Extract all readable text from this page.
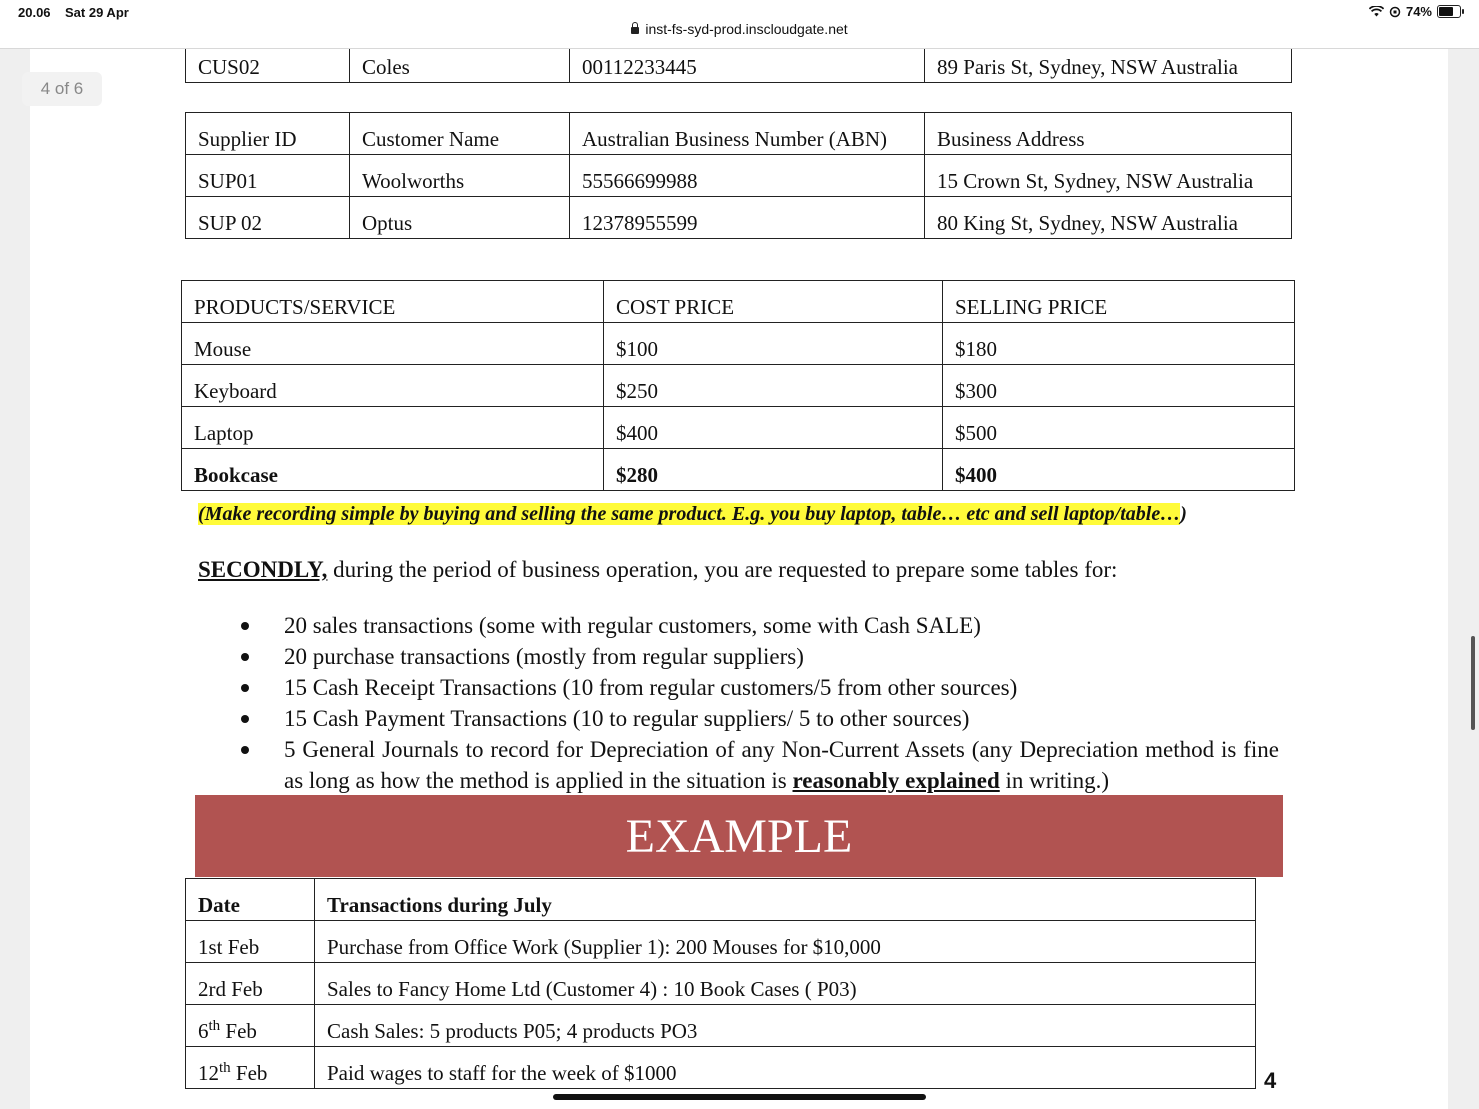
20.06 Sat 29 Apr
inst-fs-syd-prod.inscloudgate.net
74%
4 of 6
CUS02	Coles	00112233445	89 Paris St, Sydney, NSW Australia
Supplier ID	Customer Name	Australian Business Number (ABN)	Business Address
SUP01	Woolworths	55566699988	15 Crown St, Sydney, NSW Australia
SUP 02	Optus	12378955599	80 King St, Sydney, NSW Australia
PRODUCTS/SERVICE	COST PRICE	SELLING PRICE
Mouse	$100	$180
Keyboard	$250	$300
Laptop	$400	$500
Bookcase	$280	$400
(Make recording simple by buying and selling the same product. E.g. you buy laptop, table… etc and sell laptop/table…)
SECONDLY, during the period of business operation, you are requested to prepare some tables for:
20 sales transactions (some with regular customers, some with Cash SALE)
20 purchase transactions (mostly from regular suppliers)
15 Cash Receipt Transactions (10 from regular customers/5 from other sources)
15 Cash Payment Transactions (10 to regular suppliers/ 5 to other sources)
5 General Journals to record for Depreciation of any Non-Current Assets (any Depreciation method is fine as long as how the method is applied in the situation is reasonably explained in writing.)
EXAMPLE
Date	Transactions during July
1st Feb	Purchase from Office Work (Supplier 1): 200 Mouses for $10,000
2rd Feb	Sales to Fancy Home Ltd (Customer 4) : 10 Book Cases ( P03)
6th Feb	Cash Sales: 5 products P05; 4 products PO3
12th Feb	Paid wages to staff for the week of $1000	4
